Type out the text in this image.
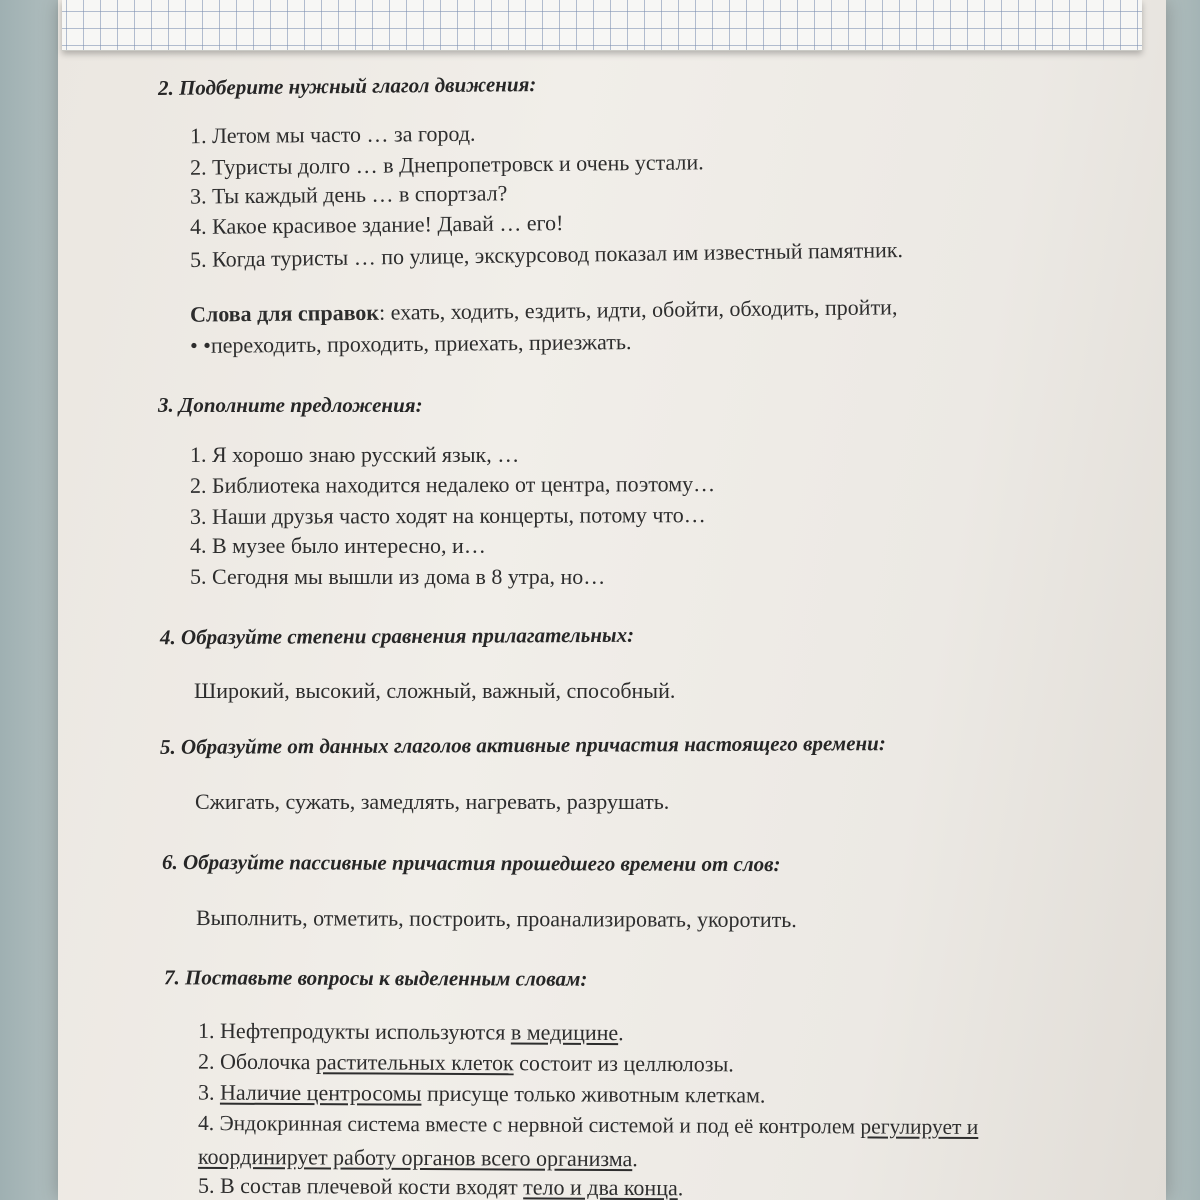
2. Подберите нужный глагол движения:
1. Летом мы часто … за город.
2. Туристы долго … в Днепропетровск и очень устали.
3. Ты каждый день … в спортзал?
4. Какое красивое здание! Давай … его!
5. Когда туристы … по улице, экскурсовод показал им известный памятник.
Слова для справок: ехать, ходить, ездить, идти, обойти, обходить, пройти,
• •переходить, проходить, приехать, приезжать.
3. Дополните предложения:
1. Я хорошо знаю русский язык, …
2. Библиотека находится недалеко от центра, поэтому…
3. Наши друзья часто ходят на концерты, потому что…
4. В музее было интересно, и…
5. Сегодня мы вышли из дома в 8 утра, но…
4. Образуйте степени сравнения прилагательных:
Широкий, высокий, сложный, важный, способный.
5. Образуйте от данных глаголов активные причастия настоящего времени:
Сжигать, сужать, замедлять, нагревать, разрушать.
6. Образуйте пассивные причастия прошедшего времени от слов:
Выполнить, отметить, построить, проанализировать, укоротить.
7. Поставьте вопросы к выделенным словам:
1. Нефтепродукты используются в медицине.
2. Оболочка растительных клеток состоит из целлюлозы.
3. Наличие центросомы присуще только животным клеткам.
4. Эндокринная система вместе с нервной системой и под её контролем регулирует и
координирует работу органов всего организма.
5. В состав плечевой кости входят тело и два конца.
